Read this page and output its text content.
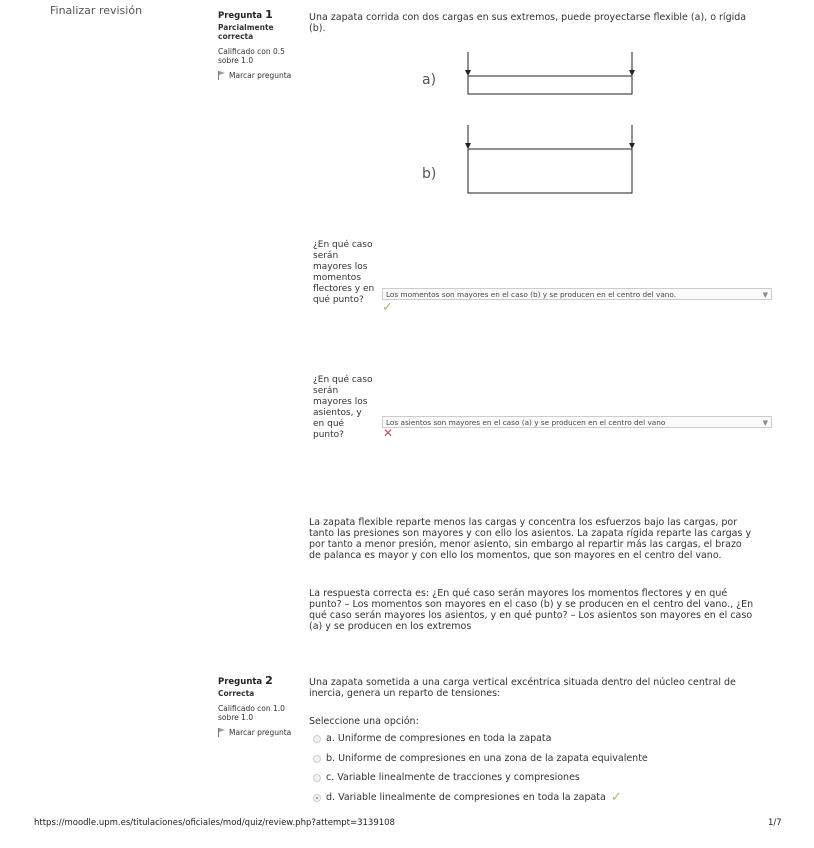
Finalizar revisión	Pregunta 1
Parcialmente correcta
Calificado con 0.5 sobre 1.0
Marcar pregunta
Una zapata corrida con dos cargas en sus extremos, puede proyectarse flexible (a), o rígida (b).
a)
b)
¿En qué caso serán mayores los momentos flectores y en qué punto?
Los momentos son mayores en el caso (b) y se producen en el centro del vano.	▼
✓
¿En qué caso serán mayores los asientos, y en qué punto?
Los asientos son mayores en el caso (a) y se producen en el centro del vano	▼
✕
La zapata flexible reparte menos las cargas y concentra los esfuerzos bajo las cargas, por tanto las presiones son mayores y con ello los asientos. La zapata rígida reparte las cargas y por tanto a menor presión, menor asiento, sin embargo al repartir más las cargas, el brazo de palanca es mayor y con ello los momentos, que son mayores en el centro del vano.
La respuesta correcta es: ¿En qué caso serán mayores los momentos flectores y en qué punto? – Los momentos son mayores en el caso (b) y se producen en el centro del vano., ¿En qué caso serán mayores los asientos, y en qué punto? – Los asientos son mayores en el caso (a) y se producen en los extremos
Pregunta 2
Correcta
Calificado con 1.0 sobre 1.0
Marcar pregunta
Una zapata sometida a una carga vertical excéntrica situada dentro del núcleo central de inercia, genera un reparto de tensiones:
Seleccione una opción:
a. Uniforme de compresiones en toda la zapata
b. Uniforme de compresiones en una zona de la zapata equivalente
c. Variable linealmente de tracciones y compresiones
d. Variable linealmente de compresiones en toda la zapata ✓
https://moodle.upm.es/titulaciones/oficiales/mod/quiz/review.php?attempt=3139108	1/7
